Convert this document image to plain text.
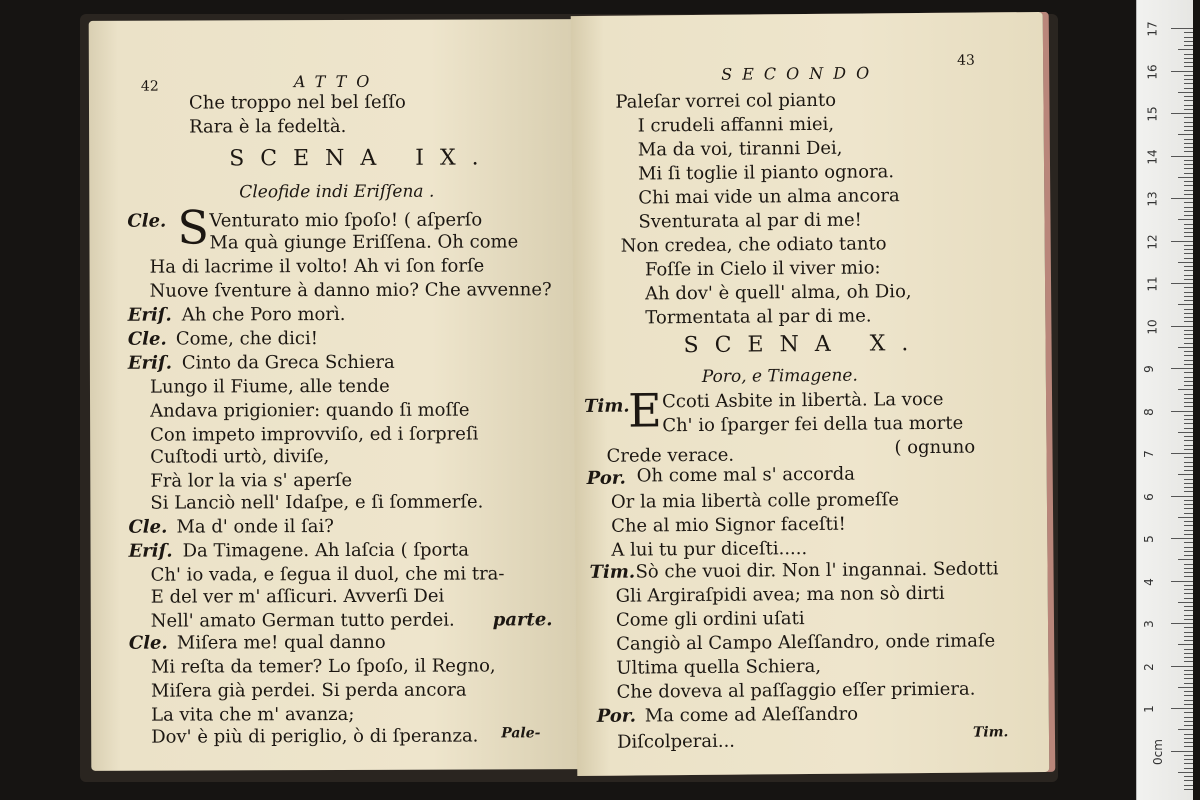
42	ATTO
Che troppo nel bel ſeſſo
Rara è la fedeltà.
SCENA IX.
Cleofide indi Eriſſena .
S
Cle. Venturato mio ſpoſo! ( aſperſo
Ma quà giunge Eriſſena. Oh come
Ha di lacrime il volto! Ah vi ſon forſe
Nuove ſventure à danno mio? Che avvenne?
Eriſ. Ah che Poro morì.
Cle. Come, che dici!
Eriſ. Cinto da Greca Schiera
Lungo il Fiume, alle tende
Andava prigionier: quando ſi moſſe
Con impeto improvviſo, ed i ſorpreſi
Cuſtodi urtò, diviſe,
Frà lor la via s' aperſe
Si Lanciò nell' Idaſpe, e ſi ſommerſe.
Cle. Ma d' onde il ſai?
Eriſ. Da Timagene. Ah laſcia ( ſporta
Ch' io vada, e ſegua il duol, che mi tra-
E del ver m' aſſicuri. Avverſi Dei
Nell' amato German tutto perdei. parte.
Cle. Miſera me! qual danno
Mi reſta da temer? Lo ſpoſo, il Regno,
Miſera già perdei. Si perda ancora
La vita che m' avanza;
Dov' è più di periglio, ò di ſperanza. Pale-
SECONDO
43
Paleſar vorrei col pianto
I crudeli affanni miei,
Ma da voi, tiranni Dei,
Mi ſi toglie il pianto ognora.
Chi mai vide un alma ancora
Sventurata al par di me!
Non credea, che odiato tanto
Foſſe in Cielo il viver mio:
Ah dov' è quell' alma, oh Dio,
Tormentata al par di me.
SCENA X.
Poro, e Timagene.
E
Tim. Ccoti Asbite in libertà. La voce
Ch' io ſparger fei della tua morte
( ognuno
Crede verace.
Por. Oh come mal s' accorda
Or la mia libertà colle promeſſe
Che al mio Signor faceſti!
A lui tu pur diceſti.....
Tim. Sò che vuoi dir. Non l' ingannai. Sedotti
Gli Argiraſpidi avea; ma non sò dirti
Come gli ordini uſati
Cangiò al Campo Aleſſandro, onde rimaſe
Ultima quella Schiera,
Che doveva al paſſaggio eſſer primiera.
Por. Ma come ad Aleſſandro
Diſcolperai...	Tim.
17
16
15
14
13
12
11
10
9
8
7
6
5
4
3
2
1
0cm
